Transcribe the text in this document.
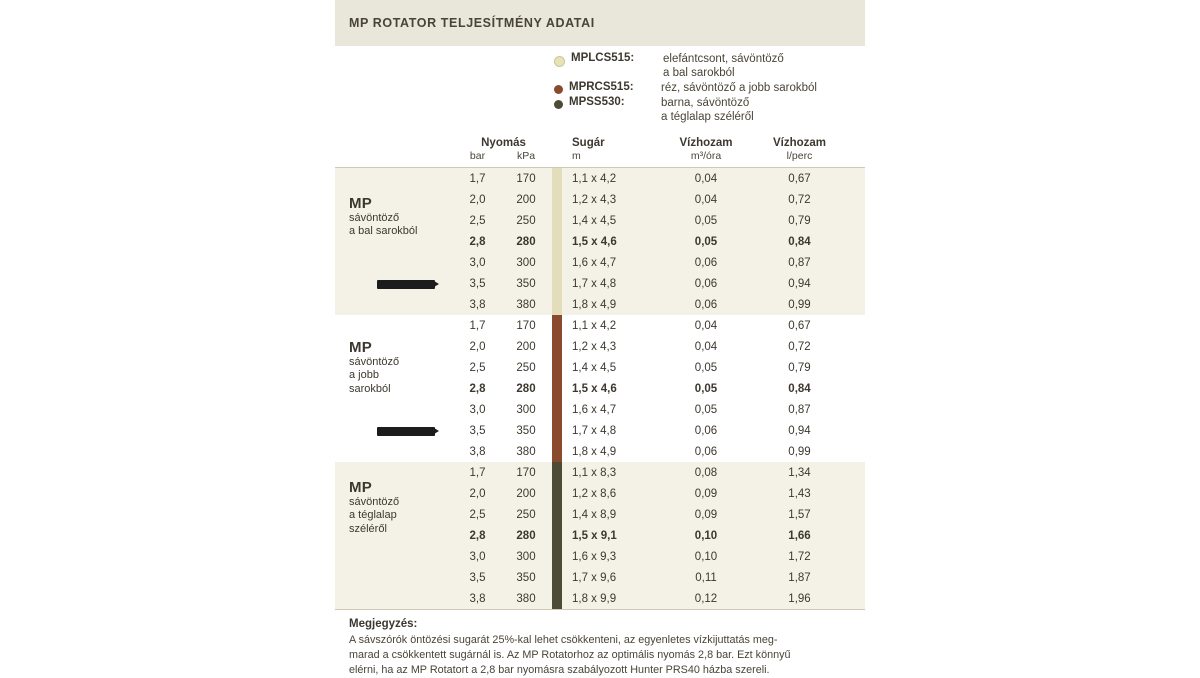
MP ROTATOR TELJESÍTMÉNY ADATAI
MPLCS515:	elefántcsont, sávöntöző
a bal sarokból
MPRCS515:	réz, sávöntöző a jobb sarokból
MPSS530:	barna, sávöntöző
a téglalap széléről
Nyomás	Sugár	Vízhozam	Vízhozam
bar	kPa	m	m³/óra	l/perc
MP
sávöntöző
a bal sarokból
1,7	170	1,1 x 4,2	0,04	0,67
2,0	200	1,2 x 4,3	0,04	0,72
2,5	250	1,4 x 4,5	0,05	0,79
2,8	280	1,5 x 4,6	0,05	0,84
3,0	300	1,6 x 4,7	0,06	0,87
3,5	350	1,7 x 4,8	0,06	0,94
3,8	380	1,8 x 4,9	0,06	0,99
MP
sávöntöző
a jobb
sarokból
1,7	170	1,1 x 4,2	0,04	0,67
2,0	200	1,2 x 4,3	0,04	0,72
2,5	250	1,4 x 4,5	0,05	0,79
2,8	280	1,5 x 4,6	0,05	0,84
3,0	300	1,6 x 4,7	0,05	0,87
3,5	350	1,7 x 4,8	0,06	0,94
3,8	380	1,8 x 4,9	0,06	0,99
MP
sávöntöző
a téglalap
széléről
1,7	170	1,1 x 8,3	0,08	1,34
2,0	200	1,2 x 8,6	0,09	1,43
2,5	250	1,4 x 8,9	0,09	1,57
2,8	280	1,5 x 9,1	0,10	1,66
3,0	300	1,6 x 9,3	0,10	1,72
3,5	350	1,7 x 9,6	0,11	1,87
3,8	380	1,8 x 9,9	0,12	1,96
Megjegyzés:
A sávszórók öntözési sugarát 25%-kal lehet csökkenteni, az egyenletes vízkijuttatás meg-
marad a csökkentett sugárnál is. Az MP Rotatorhoz az optimális nyomás 2,8 bar. Ezt könnyű
elérni, ha az MP Rotatort a 2,8 bar nyomásra szabályozott Hunter PRS40 házba szereli.
